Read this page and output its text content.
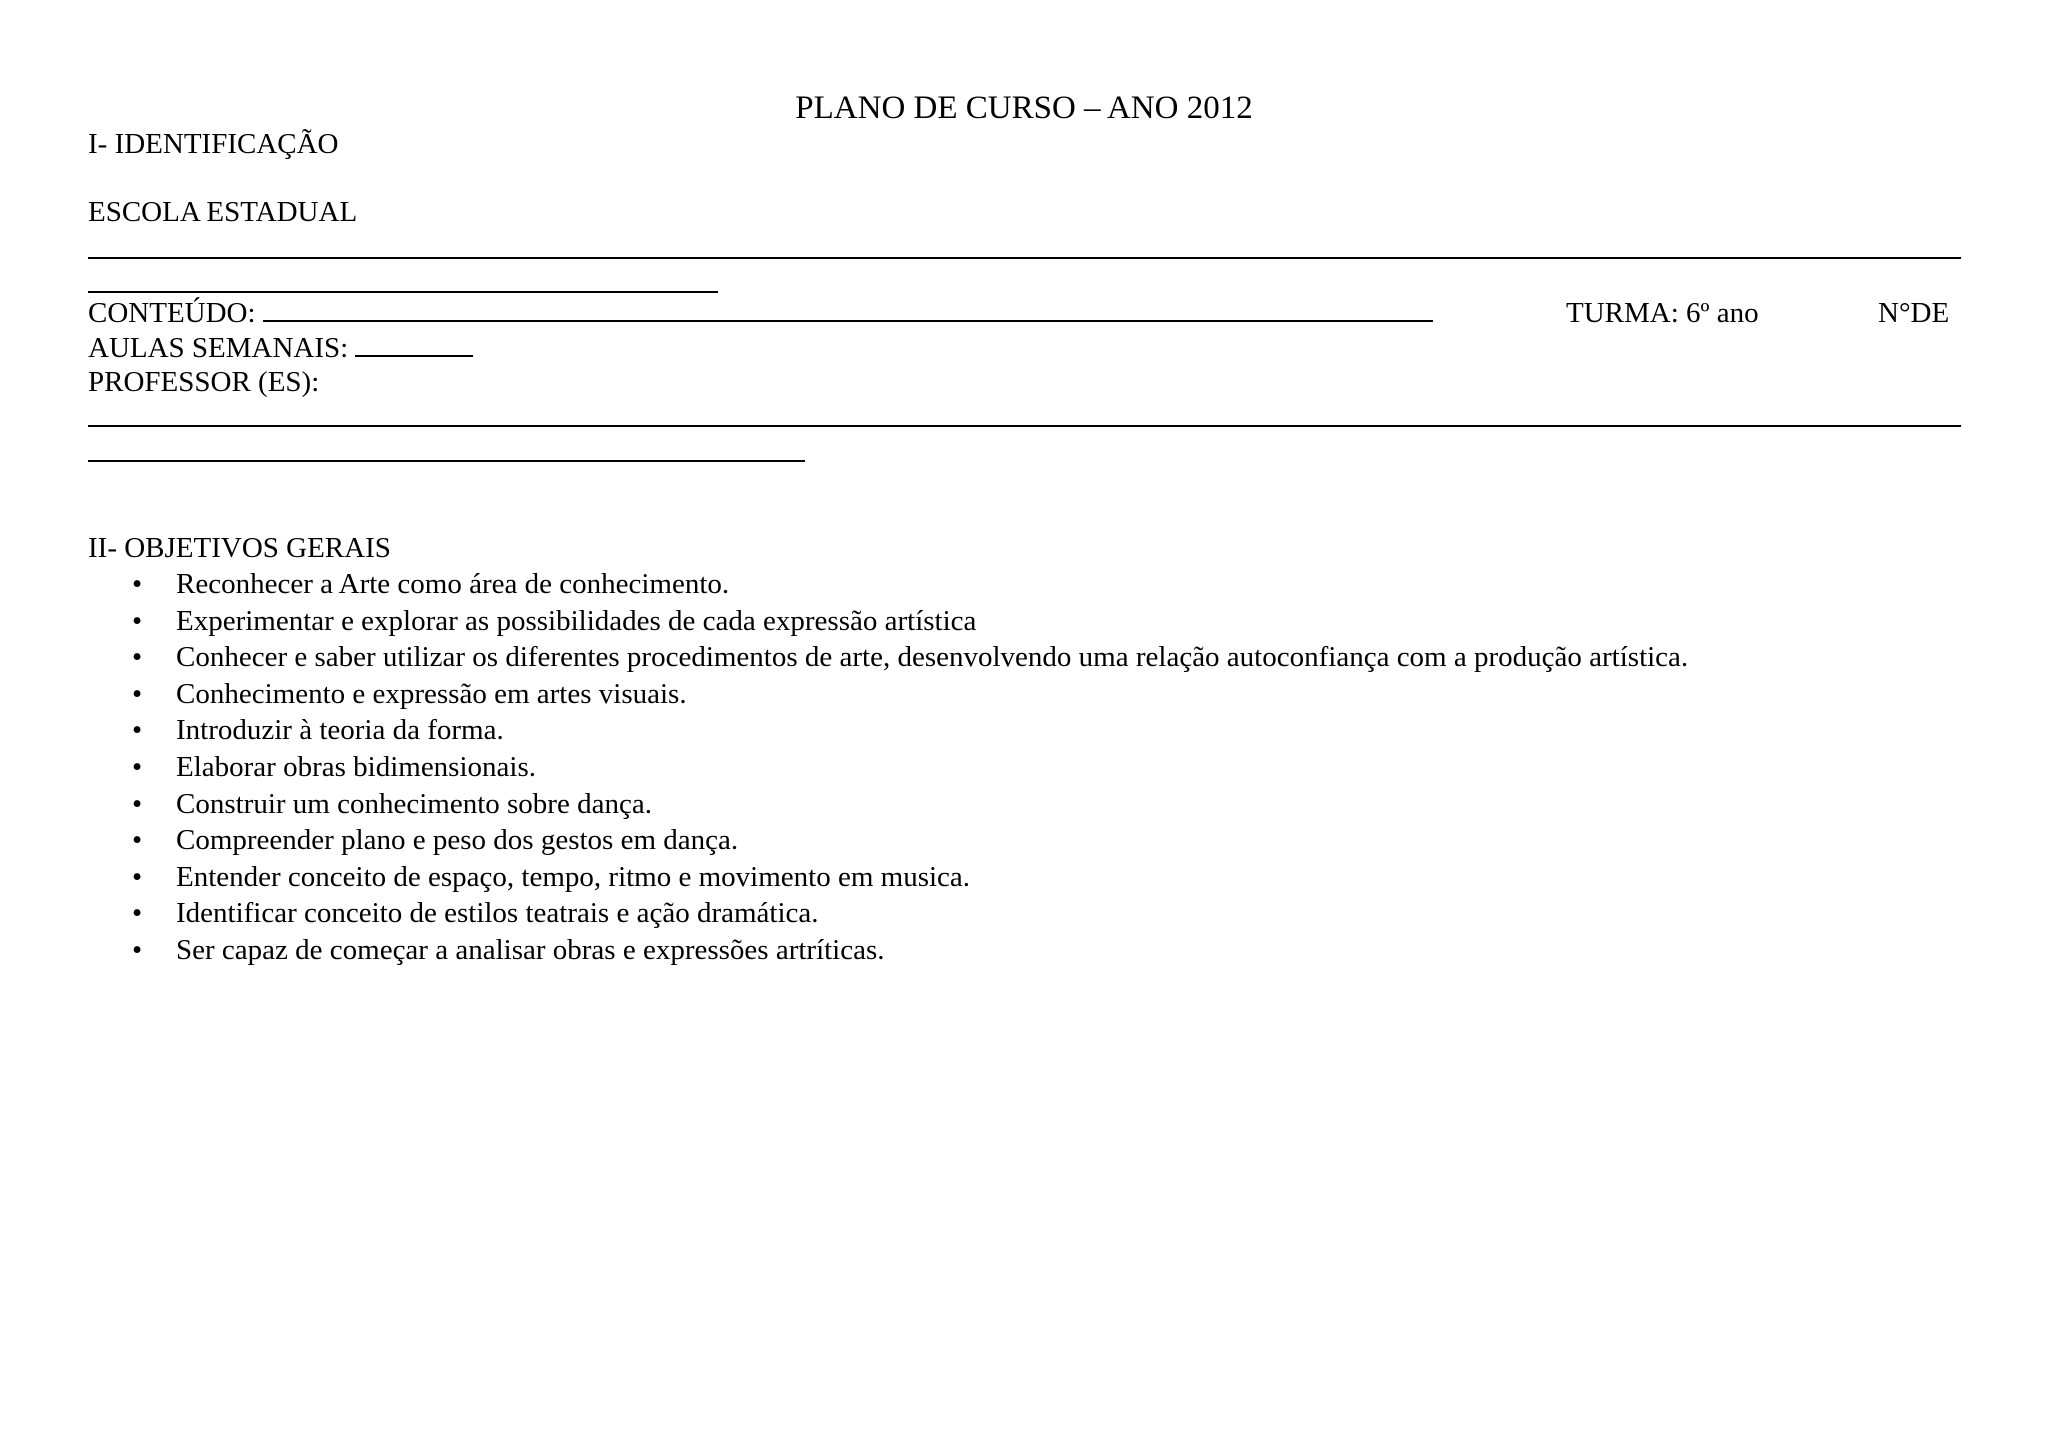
PLANO DE CURSO – ANO 2012
I- IDENTIFICAÇÃO
ESCOLA ESTADUAL
CONTEÚDO:	TURMA: 6º ano	N°DE
AULAS SEMANAIS:
PROFESSOR (ES):
II- OBJETIVOS GERAIS
• Reconhecer a Arte como área de conhecimento.
• Experimentar e explorar as possibilidades de cada expressão artística
• Conhecer e saber utilizar os diferentes procedimentos de arte, desenvolvendo uma relação autoconfiança com a produção artística.
• Conhecimento e expressão em artes visuais.
• Introduzir à teoria da forma.
• Elaborar obras bidimensionais.
• Construir um conhecimento sobre dança.
• Compreender plano e peso dos gestos em dança.
• Entender conceito de espaço, tempo, ritmo e movimento em musica.
• Identificar conceito de estilos teatrais e ação dramática.
• Ser capaz de começar a analisar obras e expressões artríticas.
